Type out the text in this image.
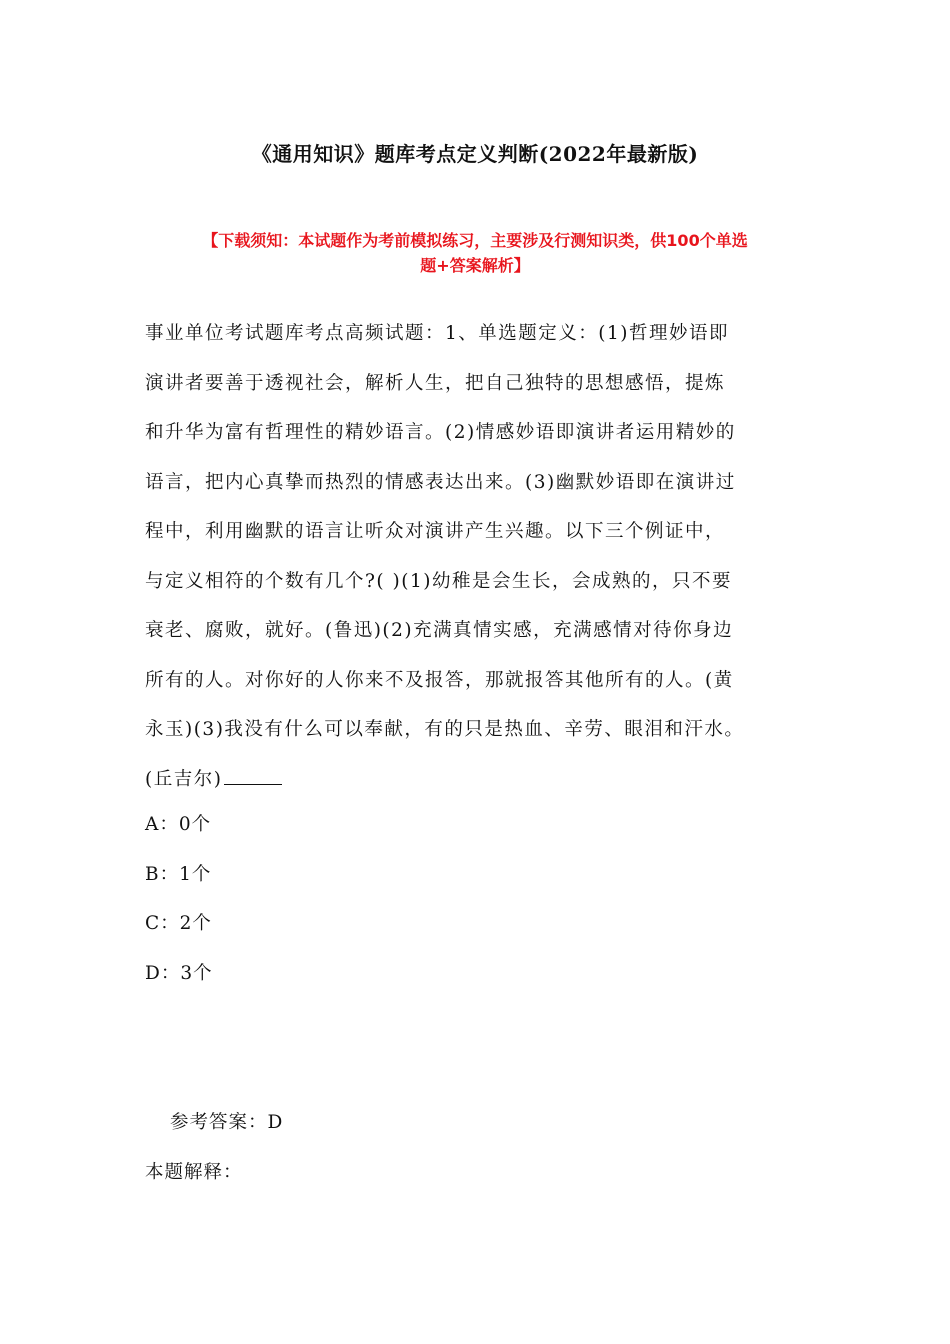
《通用知识》题库考点定义判断(2022年最新版)
【下载须知：本试题作为考前模拟练习，主要涉及行测知识类，供100个单选
题+答案解析】
事业单位考试题库考点高频试题：1、单选题定义：(1)哲理妙语即
演讲者要善于透视社会，解析人生，把自己独特的思想感悟，提炼
和升华为富有哲理性的精妙语言。(2)情感妙语即演讲者运用精妙的
语言，把内心真挚而热烈的情感表达出来。(3)幽默妙语即在演讲过
程中，利用幽默的语言让听众对演讲产生兴趣。以下三个例证中，
与定义相符的个数有几个?( )(1)幼稚是会生长，会成熟的，只不要
衰老、腐败，就好。(鲁迅)(2)充满真情实感，充满感情对待你身边
所有的人。对你好的人你来不及报答，那就报答其他所有的人。(黄
永玉)(3)我没有什么可以奉献，有的只是热血、辛劳、眼泪和汗水。
(丘吉尔)
A：0个
B：1个
C：2个
D：3个
参考答案：D
本题解释：
